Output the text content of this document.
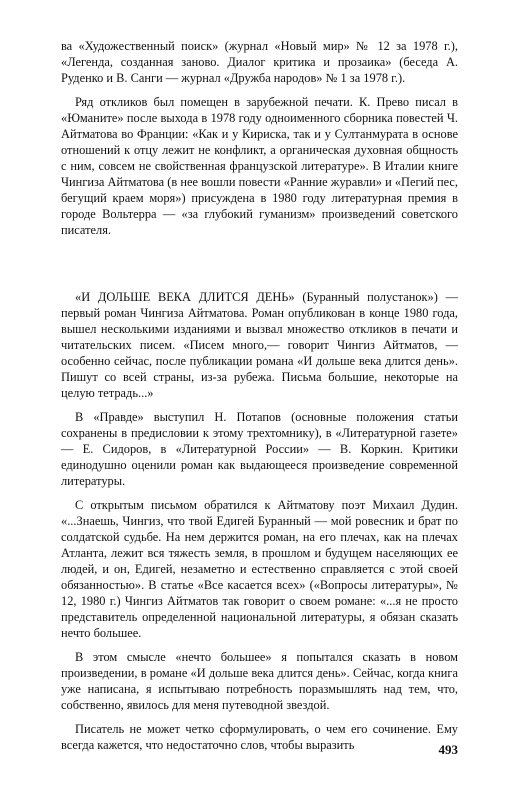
ва «Художественный поиск» (журнал «Новый мир» № 12 за 1978 г.), «Легенда, созданная заново. Диалог критика и прозаика» (беседа А. Руденко и В. Санги — журнал «Дружба народов» № 1 за 1978 г.).

Ряд откликов был помещен в зарубежной печати. К. Прево писал в «Юманите» после выхода в 1978 году одноименного сборника повестей Ч. Айтматова во Франции: «Как и у Кириска, так и у Султанмурата в основе отношений к отцу лежит не конфликт, а органическая духовная общность с ним, совсем не свойственная французской литературе». В Италии книге Чингиза Айтматова (в нее вошли повести «Ранние журавли» и «Пегий пес, бегущий краем моря») присуждена в 1980 году литературная премия в городе Вольтерра — «за глубокий гуманизм» произведений советского писателя.

«И ДОЛЬШЕ ВЕКА ДЛИТСЯ ДЕНЬ» (Буранный полустанок») — первый роман Чингиза Айтматова. Роман опубликован в конце 1980 года, вышел несколькими изданиями и вызвал множество откликов в печати и читательских писем. «Писем много,— говорит Чингиз Айтматов, — особенно сейчас, после публикации романа «И дольше века длится день». Пишут со всей страны, из-за рубежа. Письма большие, некоторые на целую тетрадь...»

В «Правде» выступил Н. Потапов (основные положения статьи сохранены в предисловии к этому трехтомнику), в «Литературной газете» — Е. Сидоров, в «Литературной России» — В. Коркин. Критики единодушно оценили роман как выдающееся произведение современной литературы.

С открытым письмом обратился к Айтматову поэт Михаил Дудин. «...Знаешь, Чингиз, что твой Едигей Буранный — мой ровесник и брат по солдатской судьбе. На нем держится роман, на его плечах, как на плечах Атланта, лежит вся тяжесть земля, в прошлом и будущем населяющих ее людей, и он, Едигей, незаметно и естественно справляется с этой своей обязанностью». В статье «Все касается всех» («Вопросы литературы», № 12, 1980 г.) Чингиз Айтматов так говорит о своем романе: «...я не просто представитель определенной национальной литературы, я обязан сказать нечто большее.

В этом смысле «нечто большее» я попытался сказать в новом произведении, в романе «И дольше века длится день». Сейчас, когда книга уже написана, я испытываю потребность поразмышлять над тем, что, собственно, явилось для меня путеводной звездой.

Писатель не может четко сформулировать, о чем его сочинение. Ему всегда кажется, что недостаточно слов, чтобы выразить	493
